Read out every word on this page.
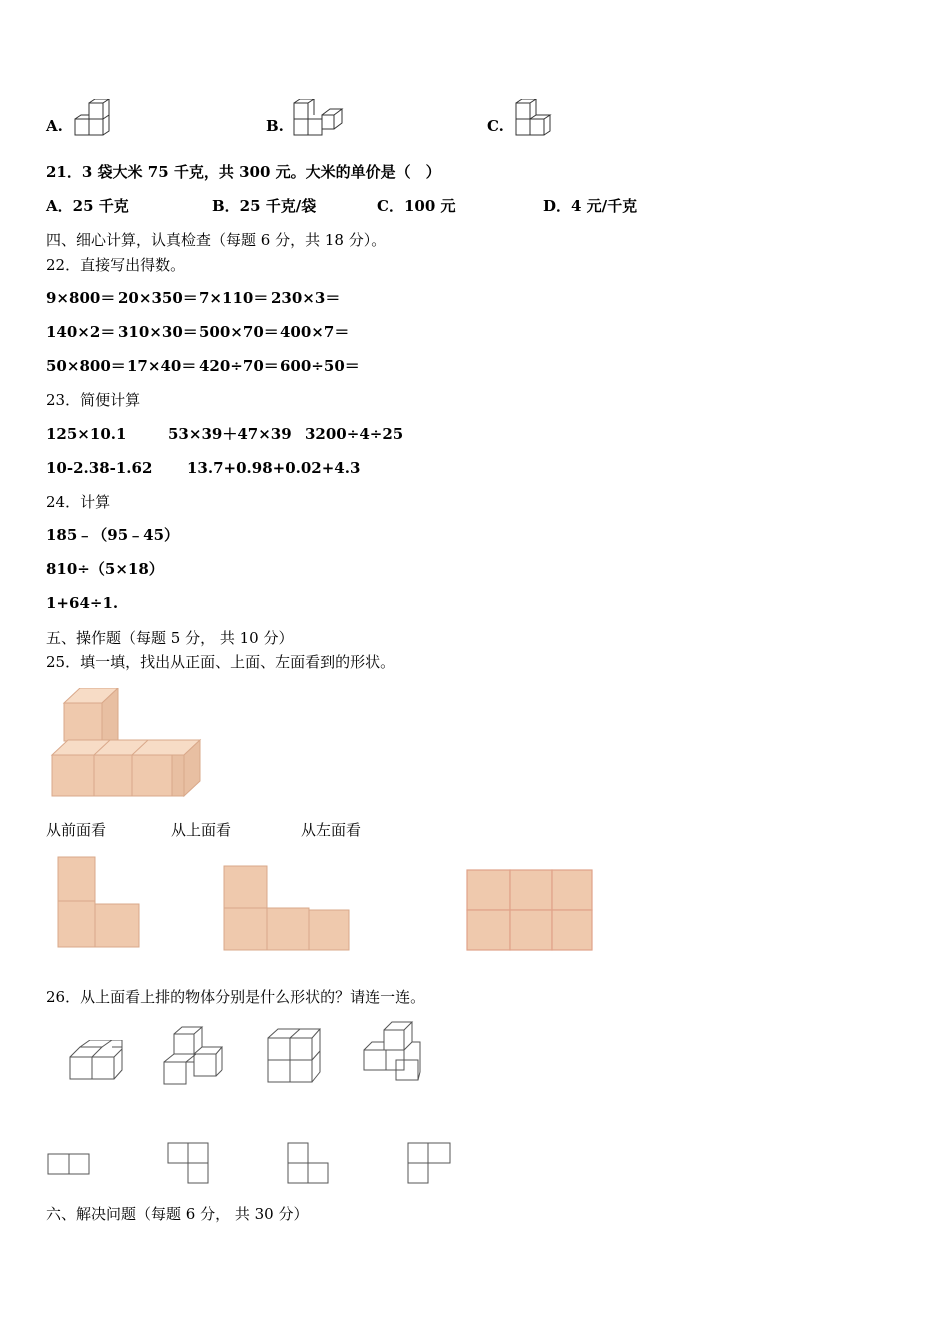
A.	B.	C.
21．3 袋大米 75 千克，共 300 元。大米的单价是（　）
A．25 千克	B．25 千克/袋	C．100 元	D．4 元/千克
四、细心计算，认真检查（每题 6 分，共 18 分）。
22．直接写出得数。
9×800＝ 20×350＝ 7×110＝ 230×3＝
140×2＝ 310×30＝ 500×70＝ 400×7＝
50×800＝ 17×40＝ 420÷70＝ 600÷50＝
23．简便计算
125×10.1	53×39＋47×39 3200÷4÷25
10-2.38-1.62 13.7+0.98+0.02+4.3
24．计算
185﹣（95﹣45）
810÷（5×18）
1+64÷1.
五、操作题（每题 5 分， 共 10 分）
25．填一填，找出从正面、上面、左面看到的形状。
从前面看	从上面看	从左面看
26．从上面看上排的物体分别是什么形状的？请连一连。
六、解决问题（每题 6 分， 共 30 分）
